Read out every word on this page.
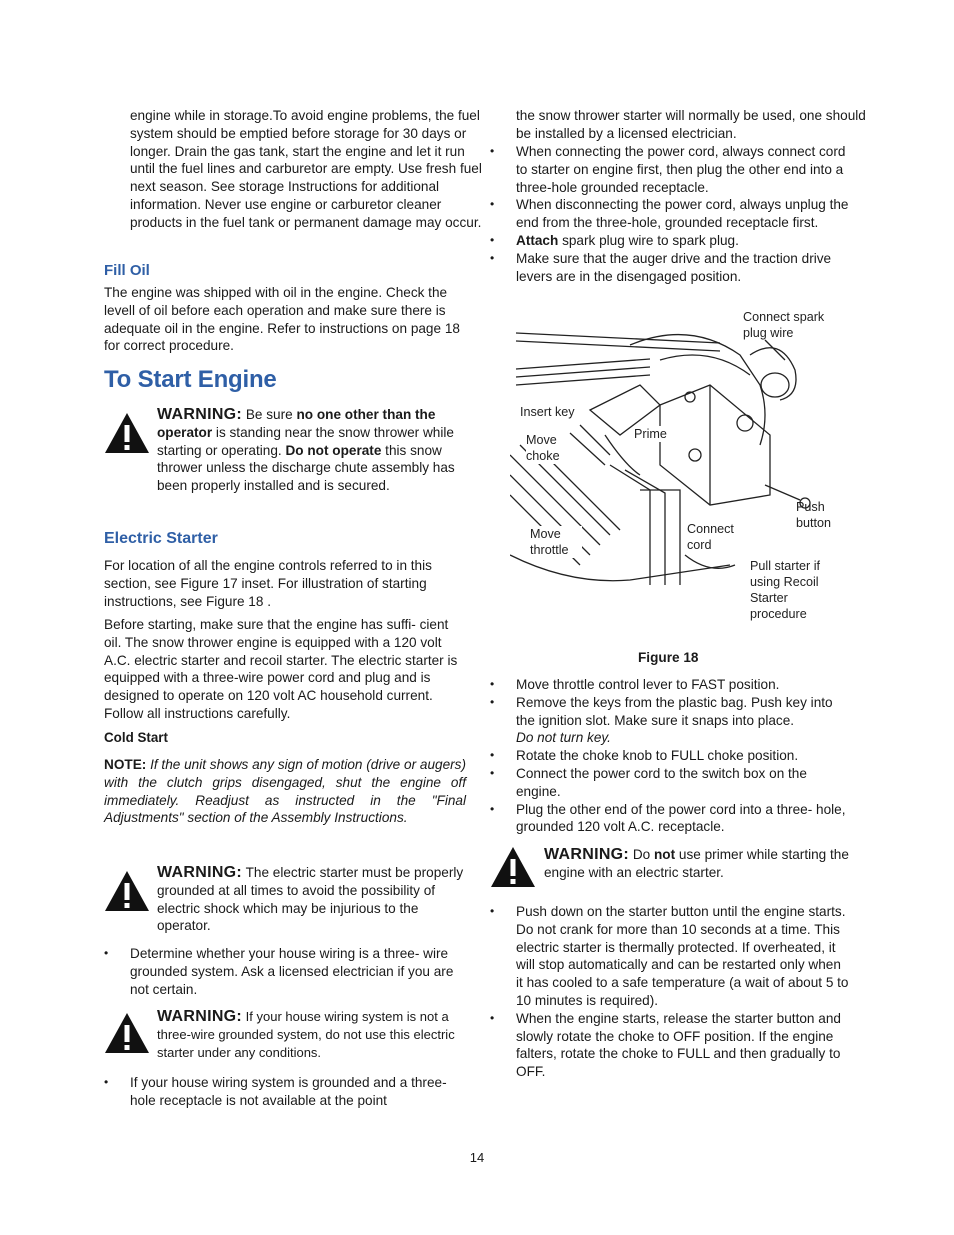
engine while in storage.To avoid engine problems, the fuel system should be emptied before storage for 30 days or longer. Drain the gas tank, start the engine and let it run until the fuel lines and carburetor are empty. Use fresh fuel next season. See storage Instructions for additional information. Never use engine or carburetor cleaner products in the fuel tank or permanent damage may occur.

Fill Oil

The engine was shipped with oil in the engine. Check the levell of oil before each operation and make sure there is adequate oil in the engine. Refer to instructions on page 18 for correct procedure.

To Start Engine
WARNING: Be sure no one other than the operator is standing near the snow thrower while starting or operating. Do not operate this snow thrower unless the discharge chute assembly has been properly installed and is secured.
Electric Starter

For location of all the engine controls referred to in this section, see Figure 17 inset. For illustration of starting instructions, see Figure 18 .

Before starting, make sure that the engine has suffi- cient oil. The snow thrower engine is equipped with a 120 volt A.C. electric starter and recoil starter. The electric starter is equipped with a three-wire power cord and plug and is designed to operate on 120 volt AC household current. Follow all instructions carefully.

Cold Start

NOTE: If the unit shows any sign of motion (drive or augers) with the clutch grips disengaged, shut the engine off immediately. Readjust as instructed in the "Final Adjustments" section of the Assembly Instructions.

WARNING: The electric starter must be properly grounded at all times to avoid the possibility of electric shock which may be injurious to the operator.
• Determine whether your house wiring is a three- wire grounded system. Ask a licensed electrician if you are not certain.
WARNING: If your house wiring system is not a three-wire grounded system, do not use this electric starter under any conditions.
• If your house wiring system is grounded and a three-hole receptacle is not available at the point

the snow thrower starter will normally be used, one should be installed by a licensed electrician.

• When connecting the power cord, always connect cord to starter on engine first, then plug the other end into a three-hole grounded receptacle.
• When disconnecting the power cord, always unplug the end from the three-hole, grounded receptacle first.
• Attach spark plug wire to spark plug.
• Make sure that the auger drive and the traction drive levers are in the disengaged position.
Connect spark plug wire
Insert key
Move choke
Prime
Push button
Connect cord
Move throttle
Pull starter if using Recoil Starter procedure
Figure 18
• Move throttle control lever to FAST position.
• Remove the keys from the plastic bag. Push key into the ignition slot. Make sure it snaps into place.
Do not turn key.
• Rotate the choke knob to FULL choke position.
• Connect the power cord to the switch box on the engine.
• Plug the other end of the power cord into a three- hole, grounded 120 volt A.C. receptacle.
WARNING: Do not use primer while starting the engine with an electric starter.
• Push down on the starter button until the engine starts. Do not crank for more than 10 seconds at a time. This electric starter is thermally protected. If overheated, it will stop automatically and can be restarted only when it has cooled to a safe temperature (a wait of about 5 to 10 minutes is required).
• When the engine starts, release the starter button and slowly rotate the choke to OFF position. If the engine falters, rotate the choke to FULL and then gradually to OFF.
14
